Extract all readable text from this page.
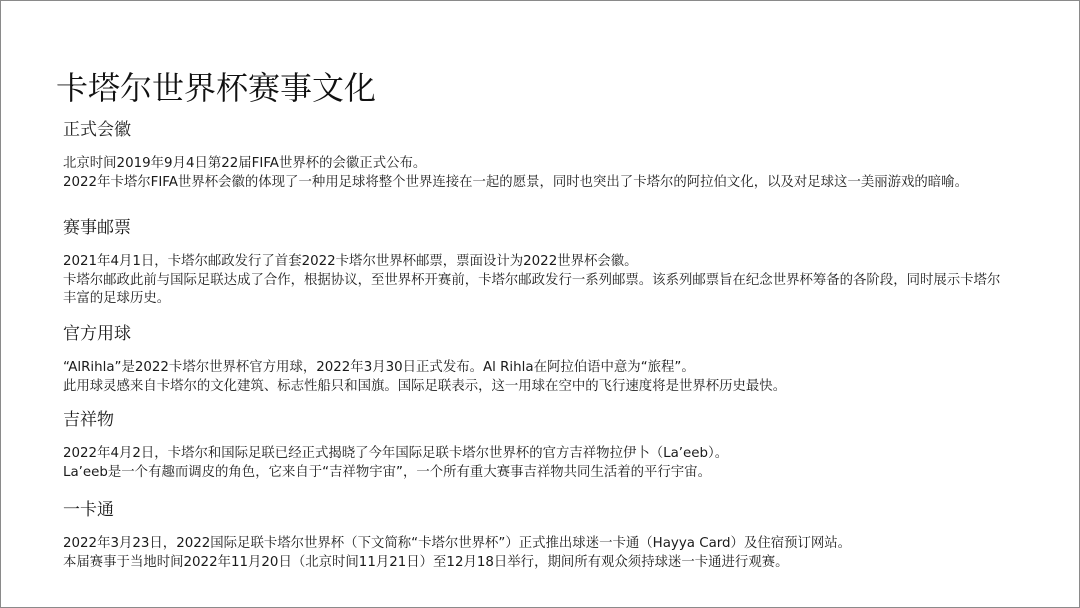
卡塔尔世界杯赛事文化
正式会徽

北京时间2019年9月4日第22届FIFA世界杯的会徽正式公布。

2022年卡塔尔FIFA世界杯会徽的体现了一种用足球将整个世界连接在一起的愿景，同时也突出了卡塔尔的阿拉伯文化，以及对足球这一美丽游戏的暗喻。

赛事邮票

2021年4月1日，卡塔尔邮政发行了首套2022卡塔尔世界杯邮票，票面设计为2022世界杯会徽。

卡塔尔邮政此前与国际足联达成了合作，根据协议，至世界杯开赛前，卡塔尔邮政发行一系列邮票。该系列邮票旨在纪念世界杯筹备的各阶段，同时展示卡塔尔丰富的足球历史。

官方用球

“AlRihla”是2022卡塔尔世界杯官方用球，2022年3月30日正式发布。Al Rihla在阿拉伯语中意为“旅程”。

此用球灵感来自卡塔尔的文化建筑、标志性船只和国旗。国际足联表示，这一用球在空中的飞行速度将是世界杯历史最快。

吉祥物

2022年4月2日，卡塔尔和国际足联已经正式揭晓了今年国际足联卡塔尔世界杯的官方吉祥物拉伊卜（La’eeb）。

La’eeb是一个有趣而调皮的角色，它来自于“吉祥物宇宙”，一个所有重大赛事吉祥物共同生活着的平行宇宙。

一卡通

2022年3月23日，2022国际足联卡塔尔世界杯（下文简称“卡塔尔世界杯”）正式推出球迷一卡通（Hayya Card）及住宿预订网站。

本届赛事于当地时间2022年11月20日（北京时间11月21日）至12月18日举行，期间所有观众须持球迷一卡通进行观赛。
